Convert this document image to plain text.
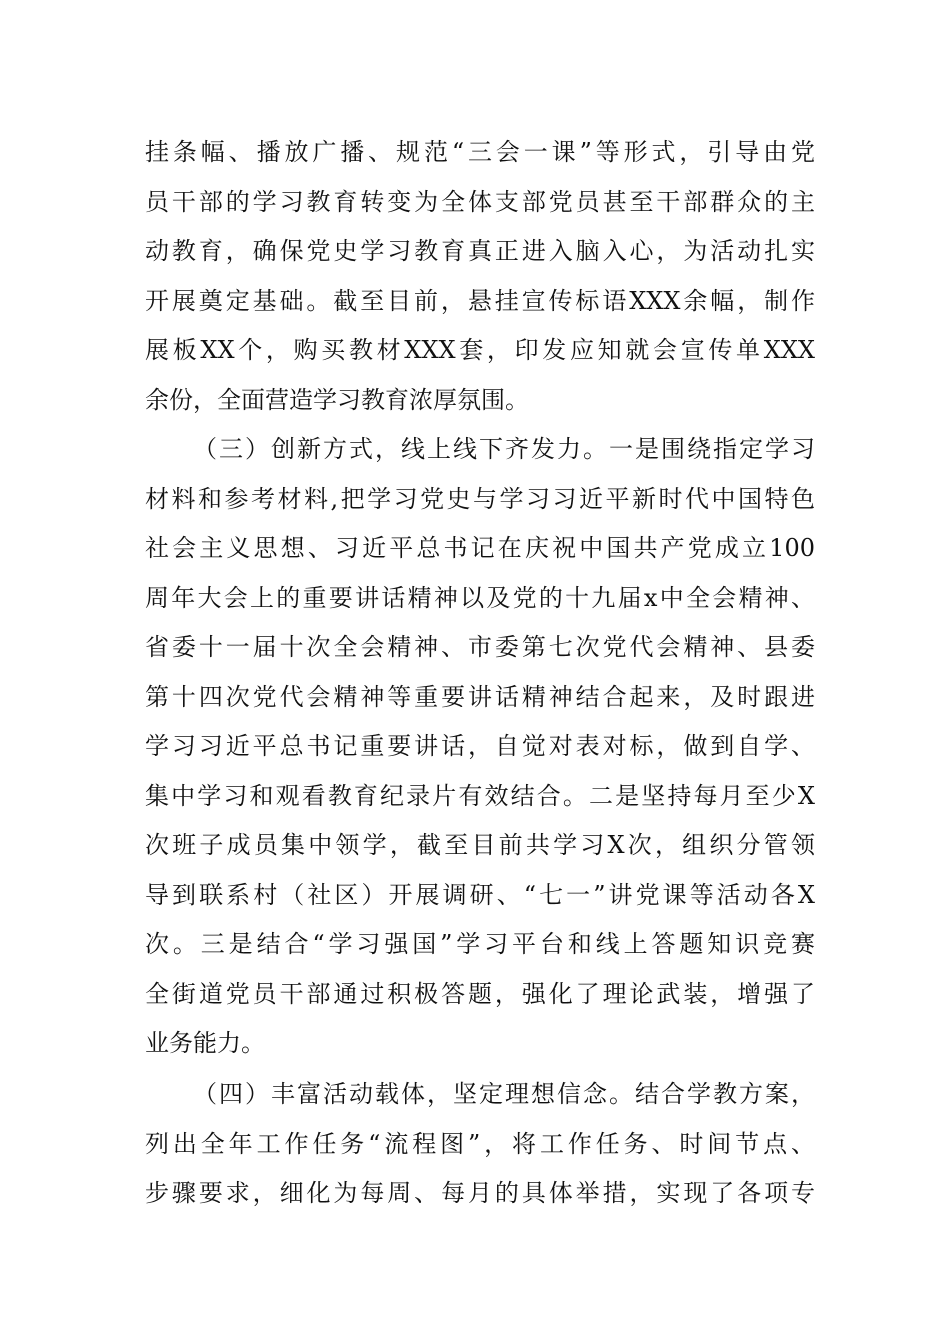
挂条幅、播放广播、规范“三会一课”等形式，引导由党
员干部的学习教育转变为全体支部党员甚至干部群众的主
动教育，确保党史学习教育真正进入脑入心，为活动扎实
开展奠定基础。截至目前，悬挂宣传标语XXX余幅，制作
展板XX个，购买教材XXX套，印发应知就会宣传单XXX
余份，全面营造学习教育浓厚氛围。
（三）创新方式，线上线下齐发力。一是围绕指定学习
材料和参考材料,把学习党史与学习习近平新时代中国特色
社会主义思想、习近平总书记在庆祝中国共产党成立100
周年大会上的重要讲话精神以及党的十九届x中全会精神、
省委十一届十次全会精神、市委第七次党代会精神、县委
第十四次党代会精神等重要讲话精神结合起来，及时跟进
学习习近平总书记重要讲话，自觉对表对标，做到自学、
集中学习和观看教育纪录片有效结合。二是坚持每月至少X
次班子成员集中领学，截至目前共学习X次，组织分管领
导到联系村（社区）开展调研、“七一”讲党课等活动各X
次。三是结合“学习强国”学习平台和线上答题知识竞赛
全街道党员干部通过积极答题，强化了理论武装，增强了
业务能力。
（四）丰富活动载体，坚定理想信念。结合学教方案，
列出全年工作任务“流程图”，将工作任务、时间节点、
步骤要求，细化为每周、每月的具体举措，实现了各项专
